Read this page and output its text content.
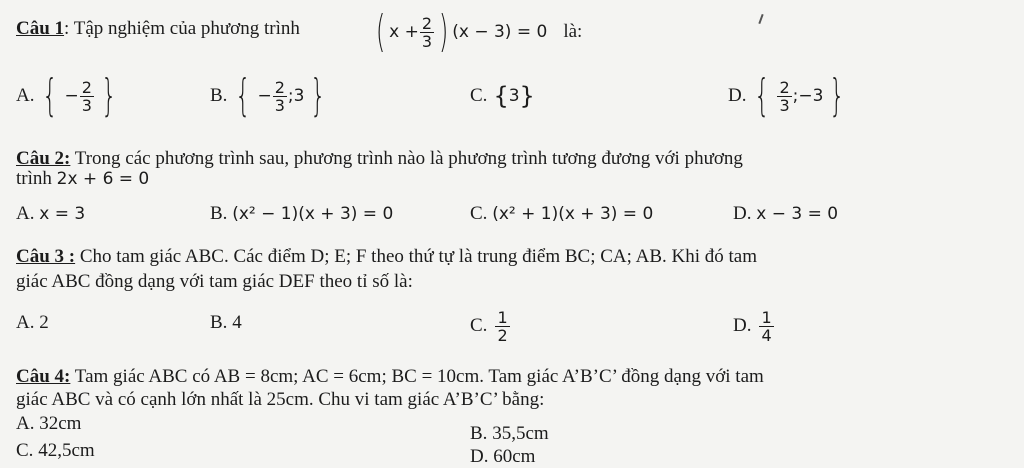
Câu 1: Tập nghiệm của phương trình ( $x + \frac{2}{3}$ ) (x − 3) = 0 là:
A. { − $\frac{2}{3}$ }	B. { − $\frac{2}{3}$ ;3 }	C. { 3 }	D. { $\frac{2}{3}$ ;−3 }
Câu 2: Trong các phương trình sau, phương trình nào là phương trình tương đương với phương
trình 2x + 6 = 0
A. x = 3	B. (x² − 1)(x + 3) = 0	C. (x² + 1)(x + 3) = 0	D. x − 3 = 0
Câu 3 : Cho tam giác ABC. Các điểm D; E; F theo thứ tự là trung điểm BC; CA; AB. Khi đó tam
giác ABC đồng dạng với tam giác DEF theo tỉ số là:
A. 2	B. 4	C. $\frac{1}{2}$	D. $\frac{1}{4}$
Câu 4: Tam giác ABC có AB = 8cm; AC = 6cm; BC = 10cm. Tam giác A’B’C’ đồng dạng với tam
giác ABC và có cạnh lớn nhất là 25cm. Chu vi tam giác A’B’C’ bằng:
A. 32cm	B. 35,5cm
C. 42,5cm	D. 60cm
